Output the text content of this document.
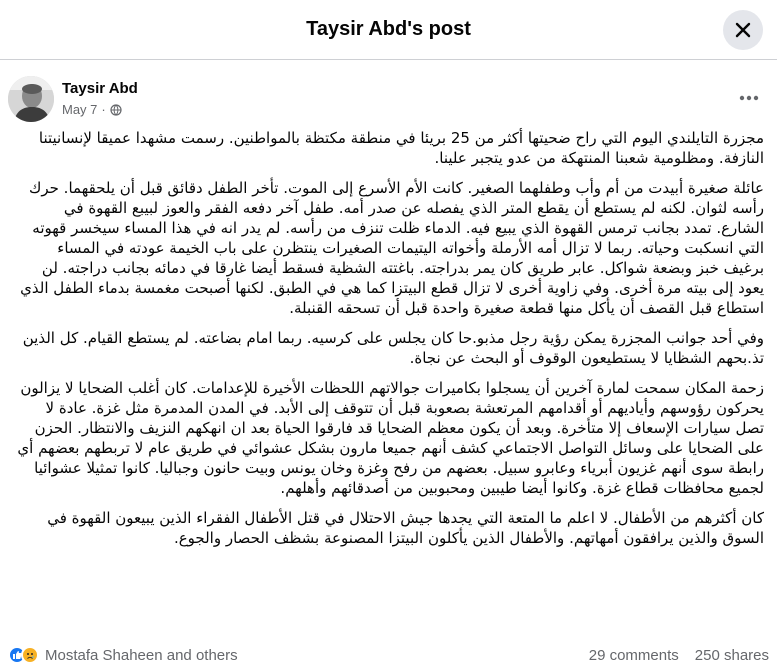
Taysir Abd's post
Taysir Abd
May 7 ·

مجزرة التايلندي اليوم التي راح ضحيتها أكثر من 25 بريئا في منطقة مكتظة بالمواطنين. رسمت مشهدا عميقا لإنسانيتنا النازفة. ومظلومية شعبنا المنتهكة من عدو يتجبر علينا.

عائلة صغيرة أبيدت من أم وأب وطفلهما الصغير. كانت الأم الأسرع إلى الموت. تأخر الطفل دقائق قبل أن يلحقهما. حرك رأسه لثوان. لكنه لم يستطع أن يقطع المتر الذي يفصله عن صدر أمه. طفل آخر دفعه الفقر والعوز لبيبع القهوة في الشارع. تمدد بجانب ترمس القهوة الذي يبيع فيه. الدماء ظلت تنزف من رأسه. لم يدر انه في هذا المساء سيخسر قهوته التي انسكبت وحياته. ربما لا تزال أمه الأرملة وأخواته اليتيمات الصغيرات ينتظرن على باب الخيمة عودته في المساء برغيف خبز وبضعة شواكل. عابر طريق كان يمر بدراجته. باغتته الشظية فسقط أيضا غارقا في دمائه بجانب دراجته. لن يعود إلى بيته مرة أخرى. وفي زاوية أخرى لا تزال قطع البيتزا كما هي في الطبق. لكنها أصبحت مغمسة بدماء الطفل الذي استطاع قبل القصف أن يأكل منها قطعة صغيرة واحدة قبل أن تسحقه القنبلة.

وفي أحد جوانب المجزرة يمكن رؤية رجل مذبو.حا كان يجلس على كرسيه. ربما امام بضاعته. لم يستطع القيام. كل الذين تذ.بحهم الشظايا لا يستطيعون الوقوف أو البحث عن نجاة.

زحمة المكان سمحت لمارة آخرين أن يسجلوا بكاميرات جوالاتهم اللحظات الأخيرة للإعدامات. كان أغلب الضحايا لا يزالون يحركون رؤوسهم وأياديهم أو أقدامهم المرتعشة بصعوبة قبل أن تتوقف إلى الأبد. في المدن المدمرة مثل غزة. عادة لا تصل سيارات الإسعاف إلا متأخرة. وبعد أن يكون معظم الضحايا قد فارقوا الحياة بعد ان انهكهم النزيف والانتظار. الحزن على الضحايا على وسائل التواصل الاجتماعي كشف أنهم جميعا مارون بشكل عشوائي في طريق عام لا تربطهم بعضهم أي رابطة سوى أنهم غزيون أبرياء وعابرو سبيل. بعضهم من رفح وغزة وخان يونس وبيت حانون وجباليا. كانوا تمثيلا عشوائيا لجميع محافظات قطاع غزة. وكانوا أيضا طيبين ومحبوبين من أصدقائهم وأهلهم.

كان أكثرهم من الأطفال. لا اعلم ما المتعة التي يجدها جيش الاحتلال في قتل الأطفال الفقراء الذين يبيعون القهوة في السوق والذين يرافقون أمهاتهم. والأطفال الذين يأكلون البيتزا المصنوعة بشظف الحصار والجوع.

Mostafa Shaheen and others	29 comments 250 shares
